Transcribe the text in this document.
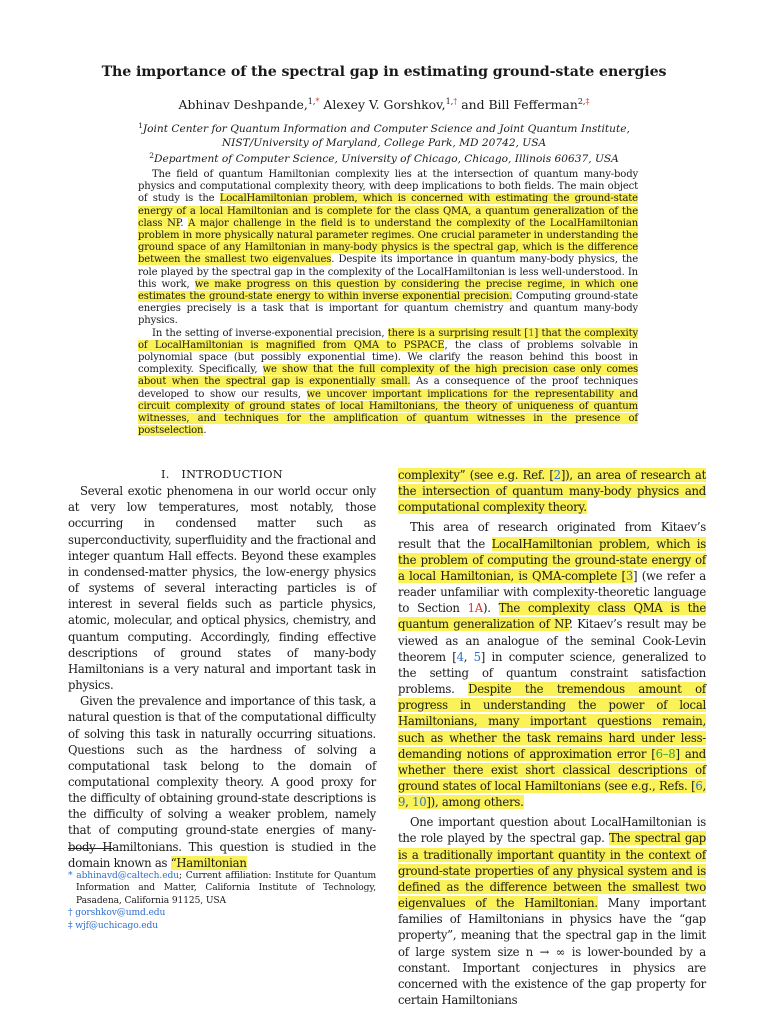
The importance of the spectral gap in estimating ground-state energies
Abhinav Deshpande,$^{1,*}$ Alexey V. Gorshkov,$^{1,\dagger}$ and Bill Fefferman$^{2,\ddagger}$
$^1$Joint Center for Quantum Information and Computer Science and Joint Quantum Institute,
NIST/University of Maryland, College Park, MD 20742, USA
$^2$Department of Computer Science, University of Chicago, Chicago, Illinois 60637, USA

The field of quantum Hamiltonian complexity lies at the intersection of quantum many-body physics and computational complexity theory, with deep implications to both fields. The main object of study is the LocalHamiltonian problem, which is concerned with estimating the ground-state energy of a local Hamiltonian and is complete for the class QMA, a quantum generalization of the class NP. A major challenge in the field is to understand the complexity of the LocalHamiltonian problem in more physically natural parameter regimes. One crucial parameter in understanding the ground space of any Hamiltonian in many-body physics is the spectral gap, which is the difference between the smallest two eigenvalues. Despite its importance in quantum many-body physics, the role played by the spectral gap in the complexity of the LocalHamiltonian is less well-understood. In this work, we make progress on this question by considering the precise regime, in which one estimates the ground-state energy to within inverse exponential precision. Computing ground-state energies precisely is a task that is important for quantum chemistry and quantum many-body physics.

In the setting of inverse-exponential precision, there is a surprising result [1] that the complexity of LocalHamiltonian is magnified from QMA to PSPACE, the class of problems solvable in polynomial space (but possibly exponential time). We clarify the reason behind this boost in complexity. Specifically, we show that the full complexity of the high precision case only comes about when the spectral gap is exponentially small. As a consequence of the proof techniques developed to show our results, we uncover important implications for the representability and circuit complexity of ground states of local Hamiltonians, the theory of uniqueness of quantum witnesses, and techniques for the amplification of quantum witnesses in the presence of postselection.

I. INTRODUCTION

Several exotic phenomena in our world occur only at very low temperatures, most notably, those occurring in condensed matter such as superconductivity, superfluidity and the fractional and integer quantum Hall effects. Beyond these examples in condensed-matter physics, the low-energy physics of systems of several interacting particles is of interest in several fields such as particle physics, atomic, molecular, and optical physics, chemistry, and quantum computing. Accordingly, finding effective descriptions of ground states of many-body Hamiltonians is a very natural and important task in physics.

Given the prevalence and importance of this task, a natural question is that of the computational difficulty of solving this task in naturally occurring situations. Questions such as the hardness of solving a computational task belong to the domain of computational complexity theory. A good proxy for the difficulty of obtaining ground-state descriptions is the difficulty of solving a weaker problem, namely that of computing ground-state energies of many-body Hamiltonians. This question is studied in the domain known as “Hamiltonian

complexity” (see e.g. Ref. [2]), an area of research at the intersection of quantum many-body physics and computational complexity theory.

This area of research originated from Kitaev’s result that the LocalHamiltonian problem, which is the problem of computing the ground-state energy of a local Hamiltonian, is QMA-complete [3] (we refer a reader unfamiliar with complexity-theoretic language to Section 1A). The complexity class QMA is the quantum generalization of NP. Kitaev’s result may be viewed as an analogue of the seminal Cook-Levin theorem [4, 5] in computer science, generalized to the setting of quantum constraint satisfaction problems. Despite the tremendous amount of progress in understanding the power of local Hamiltonians, many important questions remain, such as whether the task remains hard under less-demanding notions of approximation error [6–8] and whether there exist short classical descriptions of ground states of local Hamiltonians (see e.g., Refs. [6, 9, 10]), among others.

One important question about LocalHamiltonian is the role played by the spectral gap. The spectral gap is a traditionally important quantity in the context of ground-state properties of any physical system and is defined as the difference between the smallest two eigenvalues of the Hamiltonian. Many important families of Hamiltonians in physics have the “gap property”, meaning that the spectral gap in the limit of large system size n → ∞ is lower-bounded by a constant. Important conjectures in physics are concerned with the existence of the gap property for certain Hamiltonians

* abhinavd@caltech.edu; Current affiliation: Institute for Quantum Information and Matter, California Institute of Technology, Pasadena, California 91125, USA
† gorshkov@umd.edu
‡ wjf@uchicago.edu
